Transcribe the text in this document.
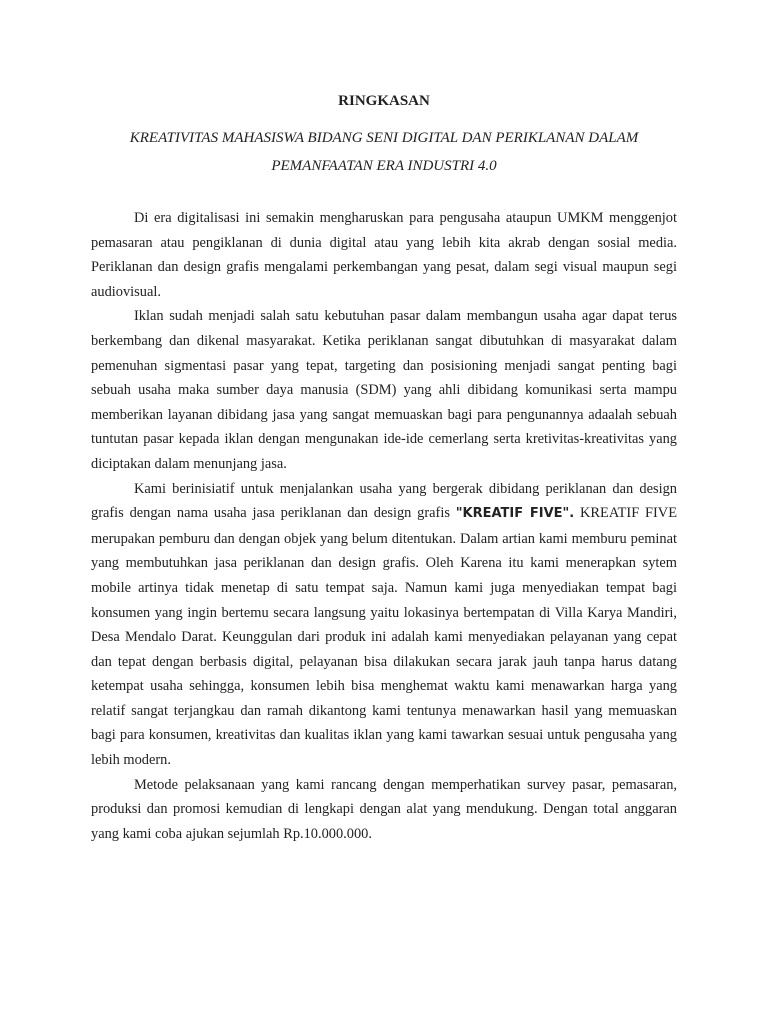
RINGKASAN
KREATIVITAS MAHASISWA BIDANG SENI DIGITAL DAN PERIKLANAN DALAM
PEMANFAATAN ERA INDUSTRI 4.0

Di era digitalisasi ini semakin mengharuskan para pengusaha ataupun UMKM menggenjot pemasaran atau pengiklanan di dunia digital atau yang lebih kita akrab dengan sosial media. Periklanan dan design grafis mengalami perkembangan yang pesat, dalam segi visual maupun segi audiovisual.

Iklan sudah menjadi salah satu kebutuhan pasar dalam membangun usaha agar dapat terus berkembang dan dikenal masyarakat. Ketika periklanan sangat dibutuhkan di masyarakat dalam pemenuhan sigmentasi pasar yang tepat, targeting dan posisioning menjadi sangat penting bagi sebuah usaha maka sumber daya manusia (SDM) yang ahli dibidang komunikasi serta mampu memberikan layanan dibidang jasa yang sangat memuaskan bagi para pengunannya adaalah sebuah tuntutan pasar kepada iklan dengan mengunakan ide-ide cemerlang serta kretivitas-kreativitas yang diciptakan dalam menunjang jasa.

Kami berinisiatif untuk menjalankan usaha yang bergerak dibidang periklanan dan design grafis dengan nama usaha jasa periklanan dan design grafis "KREATIF FIVE". KREATIF FIVE merupakan pemburu dan dengan objek yang belum ditentukan. Dalam artian kami memburu peminat yang membutuhkan jasa periklanan dan design grafis. Oleh Karena itu kami menerapkan sytem mobile artinya tidak menetap di satu tempat saja. Namun kami juga menyediakan tempat bagi konsumen yang ingin bertemu secara langsung yaitu lokasinya bertempatan di Villa Karya Mandiri, Desa Mendalo Darat. Keunggulan dari produk ini adalah kami menyediakan pelayanan yang cepat dan tepat dengan berbasis digital, pelayanan bisa dilakukan secara jarak jauh tanpa harus datang ketempat usaha sehingga, konsumen lebih bisa menghemat waktu kami menawarkan harga yang relatif sangat terjangkau dan ramah dikantong kami tentunya menawarkan hasil yang memuaskan bagi para konsumen, kreativitas dan kualitas iklan yang kami tawarkan sesuai untuk pengusaha yang lebih modern.

Metode pelaksanaan yang kami rancang dengan memperhatikan survey pasar, pemasaran, produksi dan promosi kemudian di lengkapi dengan alat yang mendukung. Dengan total anggaran yang kami coba ajukan sejumlah Rp.10.000.000.
